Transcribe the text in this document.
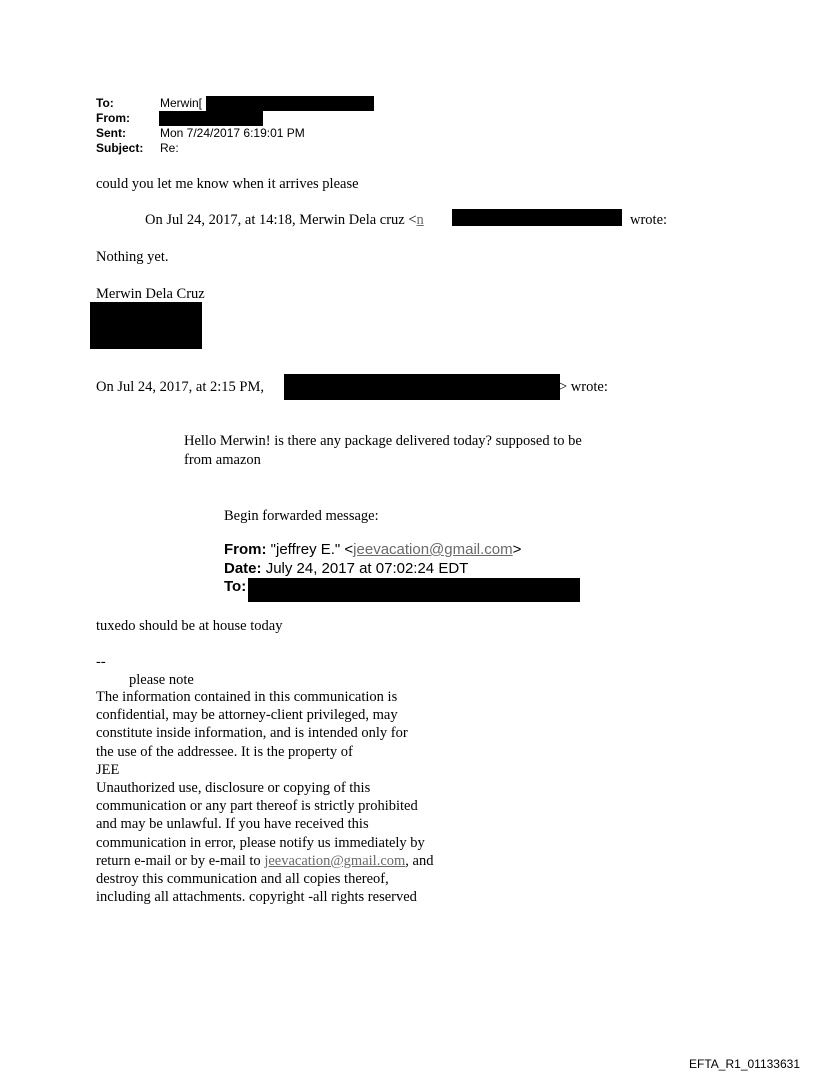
To:	Merwin[
From:
Sent:	Mon 7/24/2017 6:19:01 PM
Subject: Re:
could you let me know when it arrives please
On Jul 24, 2017, at 14:18, Merwin Dela cruz <n	wrote:
Nothing yet.
Merwin Dela Cruz
On Jul 24, 2017, at 2:15 PM,	> wrote:
Hello Merwin! is there any package delivered today? supposed to be
from amazon
Begin forwarded message:
From: "jeffrey E." <jeevacation@gmail.com>
Date: July 24, 2017 at 07:02:24 EDT
To:
tuxedo should be at house today
--
please note
The information contained in this communication is
confidential, may be attorney-client privileged, may
constitute inside information, and is intended only for
the use of the addressee. It is the property of
JEE
Unauthorized use, disclosure or copying of this
communication or any part thereof is strictly prohibited
and may be unlawful. If you have received this
communication in error, please notify us immediately by
return e-mail or by e-mail to jeevacation@gmail.com, and
destroy this communication and all copies thereof,
including all attachments. copyright -all rights reserved
EFTA_R1_01133631
